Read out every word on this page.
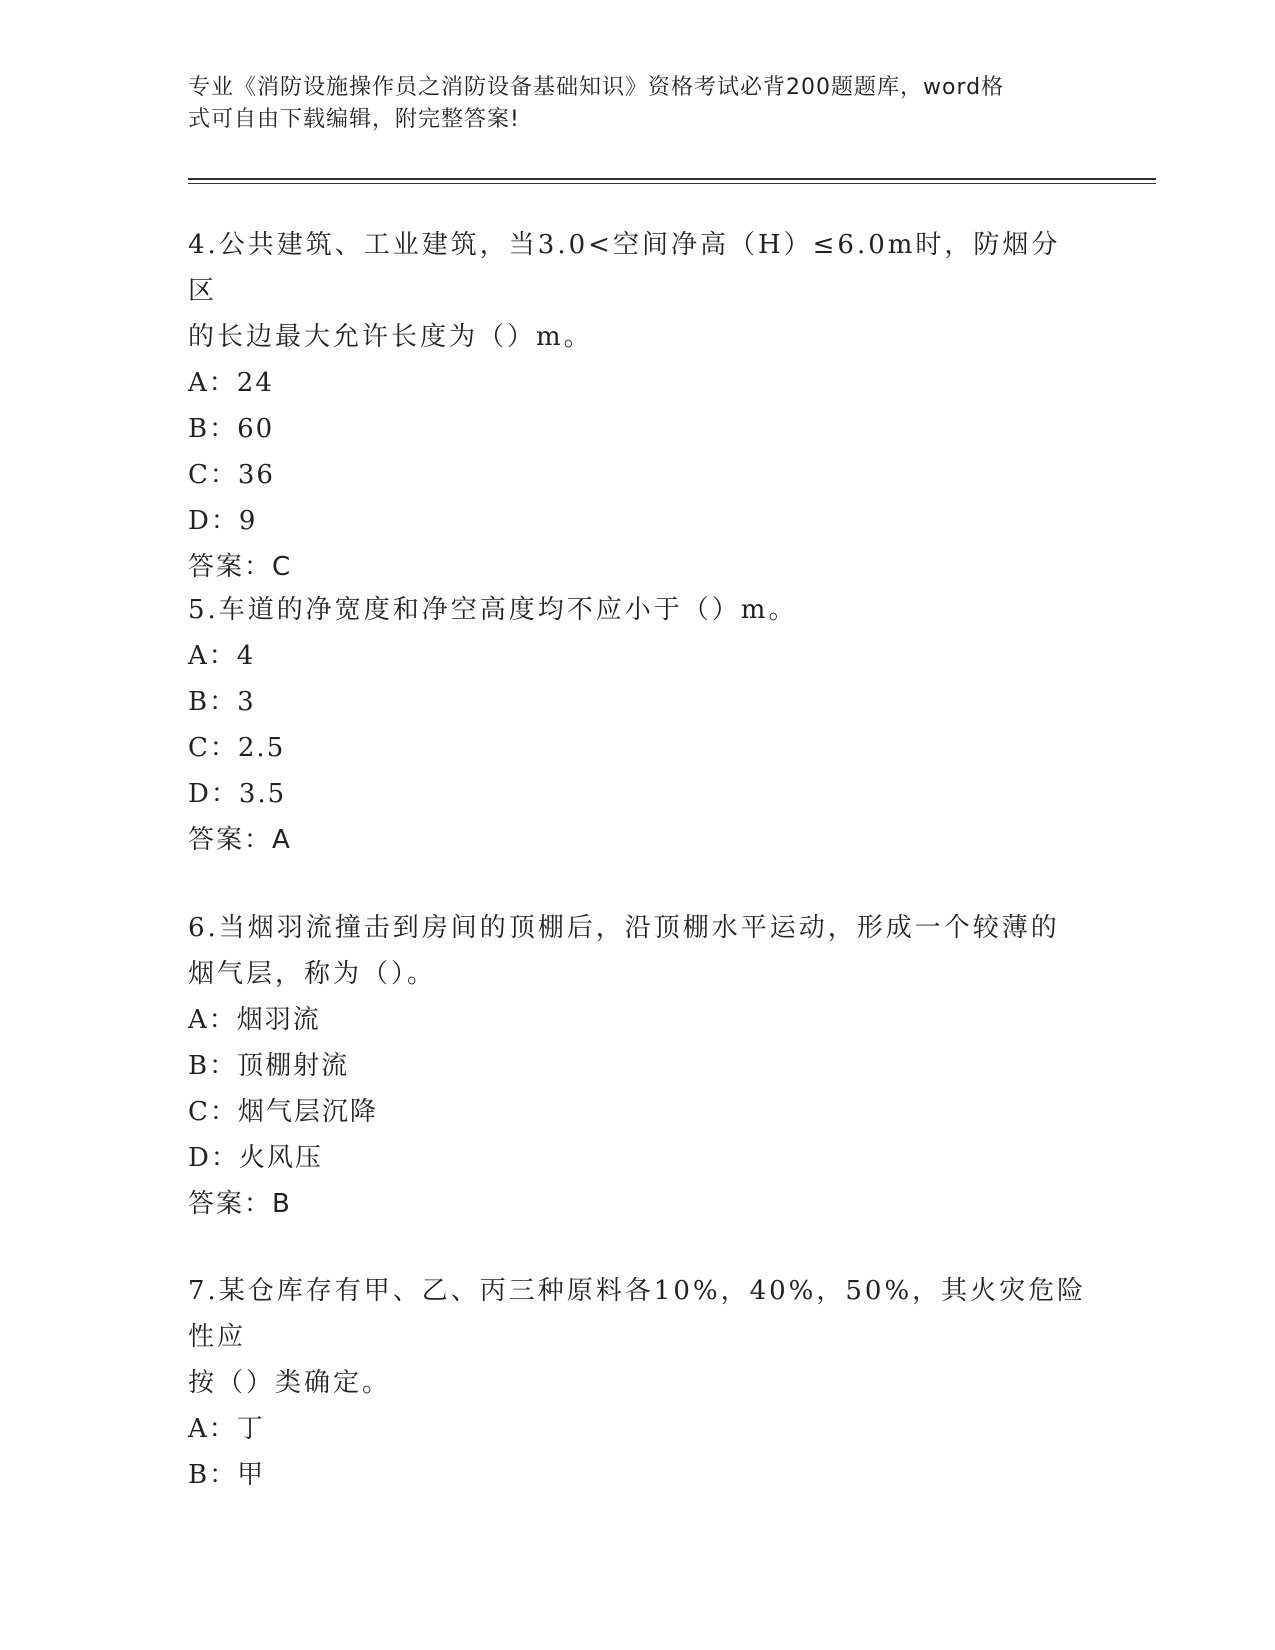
专业《消防设施操作员之消防设备基础知识》资格考试必背200题题库，word格
式可自由下载编辑，附完整答案!

4.公共建筑、工业建筑，当3.0<空间净高（H）≤6.0m时，防烟分区

的长边最大允许长度为（）m。

A：24

B：60

C：36

D：9

答案：C

5.车道的净宽度和净空高度均不应小于（）m。

A：4

B：3

C：2.5

D：3.5

答案：A

6.当烟羽流撞击到房间的顶棚后，沿顶棚水平运动，形成一个较薄的

烟气层，称为（）。

A：烟羽流

B：顶棚射流

C：烟气层沉降

D：火风压

答案：B

7.某仓库存有甲、乙、丙三种原料各10%，40%，50%，其火灾危险性应

按（）类确定。

A：丁

B：甲
